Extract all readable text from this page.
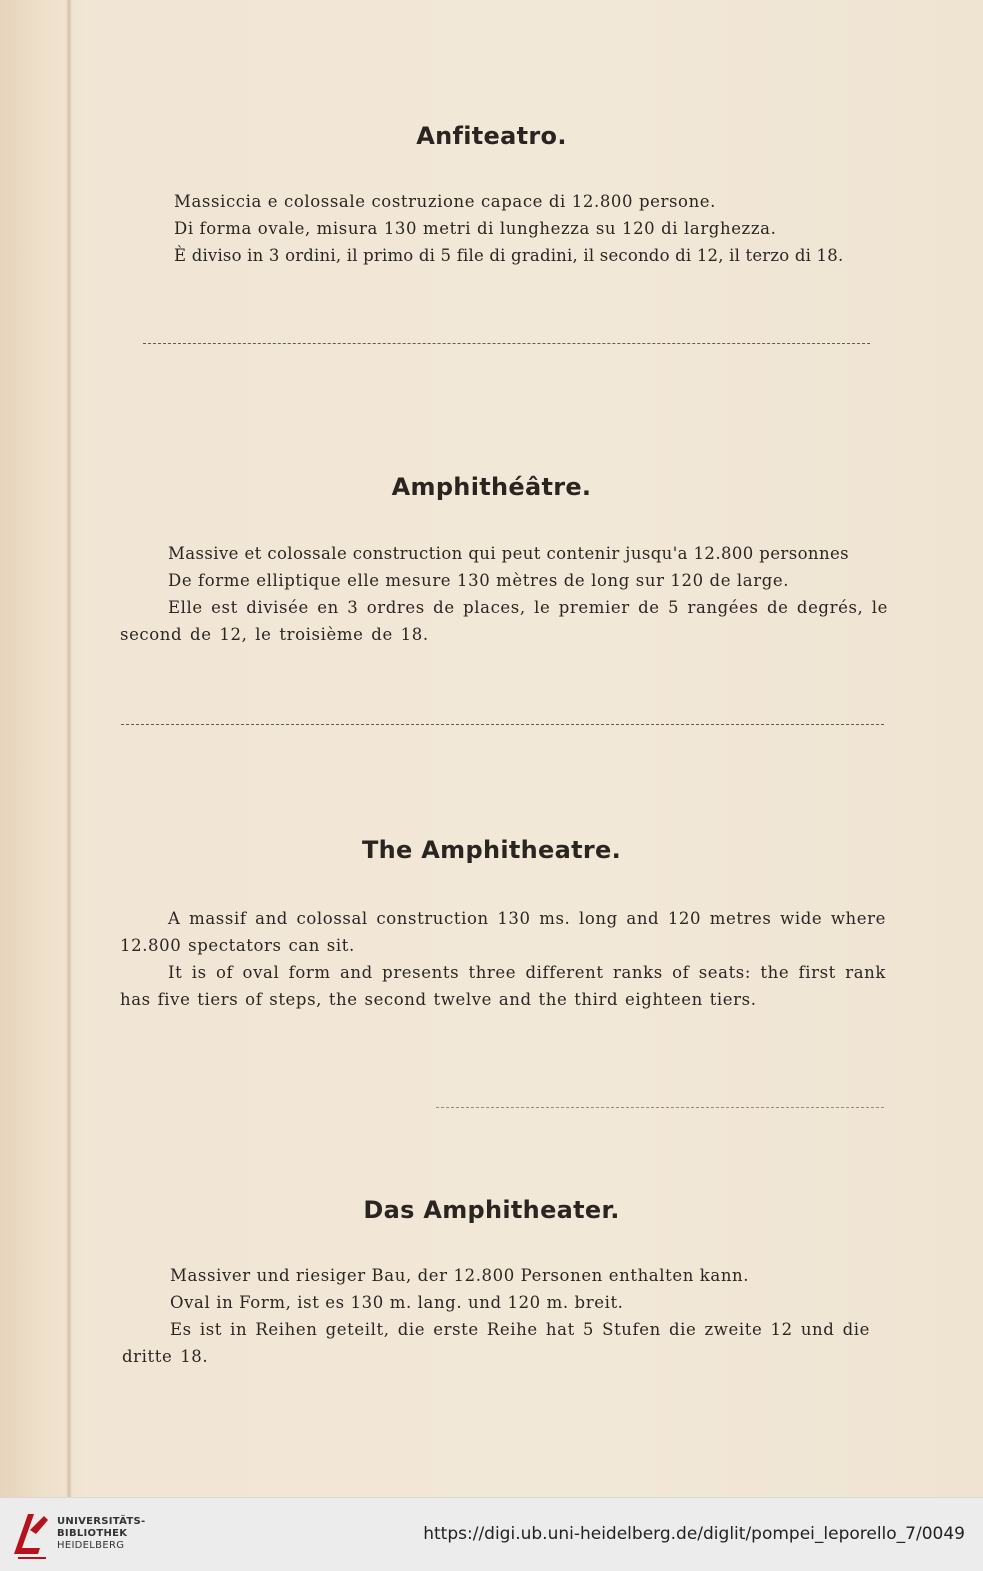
Anfiteatro.
Massiccia e colossale costruzione capace di 12.800 persone.
Di forma ovale, misura 130 metri di lunghezza su 120 di larghezza.
È diviso in 3 ordini, il primo di 5 file di gradini, il secondo di 12, il terzo di 18.
Amphithéâtre.

Massive et colossale construction qui peut contenir jusqu'a 12.800 personnes

De forme elliptique elle mesure 130 mètres de long sur 120 de large.

Elle est divisée en 3 ordres de places, le premier de 5 rangées de degrés, le second de 12, le troisième de 18.

The Amphitheatre.

A massif and colossal construction 130 ms. long and 120 metres wide where 12.800 spectators can sit.

It is of oval form and presents three different ranks of seats: the first rank has five tiers of steps, the second twelve and the third eighteen tiers.

Das Amphitheater.

Massiver und riesiger Bau, der 12.800 Personen enthalten kann.

Oval in Form, ist es 130 m. lang. und 120 m. breit.

Es ist in Reihen geteilt, die erste Reihe hat 5 Stufen die zweite 12 und die dritte 18.

UNIVERSITÄTS-
BIBLIOTHEK
HEIDELBERG
https://digi.ub.uni-heidelberg.de/diglit/pompei_leporello_7/0049
